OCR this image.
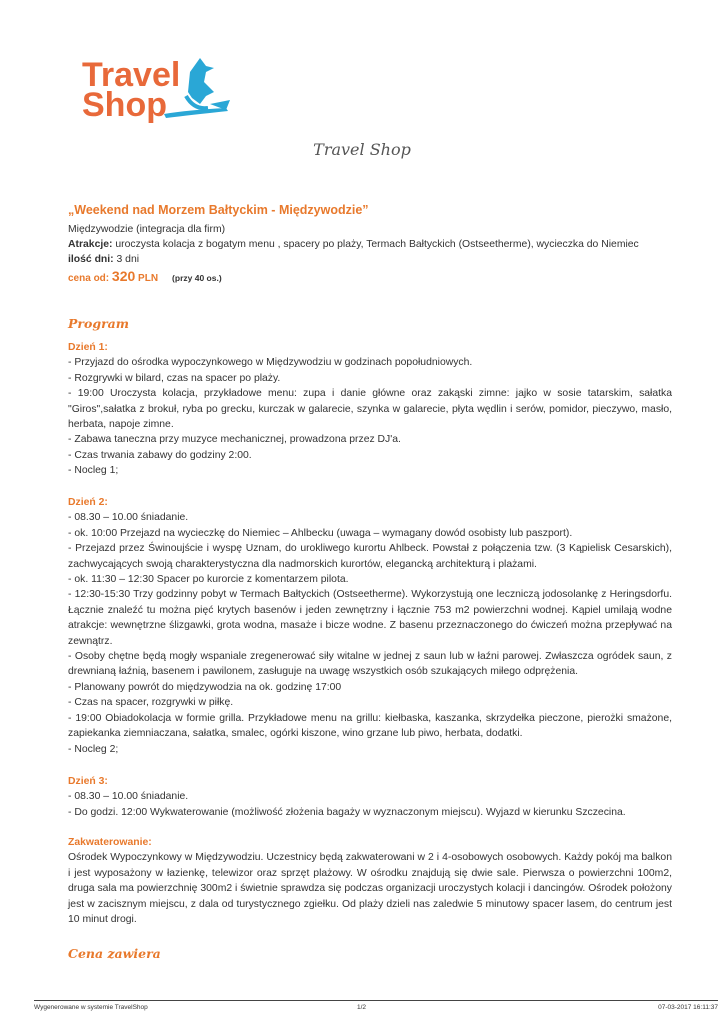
Travel
Shop
Travel Shop

„Weekend nad Morzem Bałtyckim - Międzywodzie”

Międzywodzie (integracja dla firm)

Atrakcje: uroczysta kolacja z bogatym menu , spacery po plaży, Termach Bałtyckich (Ostseetherme), wycieczka do Niemiec

ilość dni: 3 dni

cena od: 320 PLN (przy 40 os.)

Program

Dzień 1:

- Przyjazd do ośrodka wypoczynkowego w Międzywodziu w godzinach popołudniowych.

- Rozgrywki w bilard, czas na spacer po plaży.

- 19:00 Uroczysta kolacja, przykładowe menu: zupa i danie główne oraz zakąski zimne: jajko w sosie tatarskim, sałatka "Giros",sałatka z brokuł, ryba po grecku, kurczak w galarecie, szynka w galarecie, płyta wędlin i serów, pomidor, pieczywo, masło, herbata, napoje zimne.

- Zabawa taneczna przy muzyce mechanicznej, prowadzona przez DJ'a.

- Czas trwania zabawy do godziny 2:00.

- Nocleg 1;

Dzień 2:

- 08.30 – 10.00 śniadanie.

- ok. 10:00 Przejazd na wycieczkę do Niemiec – Ahlbecku (uwaga – wymagany dowód osobisty lub paszport).

- Przejazd przez Świnoujście i wyspę Uznam, do urokliwego kurortu Ahlbeck. Powstał z połączenia tzw. (3 Kąpielisk Cesarskich), zachwycających swoją charakterystyczna dla nadmorskich kurortów, elegancką architekturą i plażami.

- ok. 11:30 – 12:30 Spacer po kurorcie z komentarzem pilota.

- 12:30-15:30 Trzy godzinny pobyt w Termach Bałtyckich (Ostseetherme). Wykorzystują one leczniczą jodosolankę z Heringsdorfu. Łącznie znaleźć tu można pięć krytych basenów i jeden zewnętrzny i łącznie 753 m2 powierzchni wodnej. Kąpiel umilają wodne atrakcje: wewnętrzne ślizgawki, grota wodna, masaże i bicze wodne. Z basenu przeznaczonego do ćwiczeń można przepływać na zewnątrz.

- Osoby chętne będą mogły wspaniale zregenerować siły witalne w jednej z saun lub w łaźni parowej. Zwłaszcza ogródek saun, z drewnianą łaźnią, basenem i pawilonem, zasługuje na uwagę wszystkich osób szukających miłego odprężenia.

- Planowany powrót do międzywodzia na ok. godzinę 17:00

- Czas na spacer, rozgrywki w piłkę.

- 19:00 Obiadokolacja w formie grilla. Przykładowe menu na grillu: kiełbaska, kaszanka, skrzydełka pieczone, pierożki smażone, zapiekanka ziemniaczana, sałatka, smalec, ogórki kiszone, wino grzane lub piwo, herbata, dodatki.

- Nocleg 2;

Dzień 3:

- 08.30 – 10.00 śniadanie.

- Do godzi. 12:00 Wykwaterowanie (możliwość złożenia bagaży w wyznaczonym miejscu). Wyjazd w kierunku Szczecina.

Zakwaterowanie:

Ośrodek Wypoczynkowy w Międzywodziu. Uczestnicy będą zakwaterowani w 2 i 4-osobowych osobowych. Każdy pokój ma balkon i jest wyposażony w łazienkę, telewizor oraz sprzęt plażowy. W ośrodku znajdują się dwie sale. Pierwsza o powierzchni 100m2, druga sala ma powierzchnię 300m2 i świetnie sprawdza się podczas organizacji uroczystych kolacji i dancingów. Ośrodek położony jest w zacisznym miejscu, z dala od turystycznego zgiełku. Od plaży dzieli nas zaledwie 5 minutowy spacer lasem, do centrum jest 10 minut drogi.

Cena zawiera
Wygenerowane w systemie TravelShop	1/2	07-03-2017 16:11:37
